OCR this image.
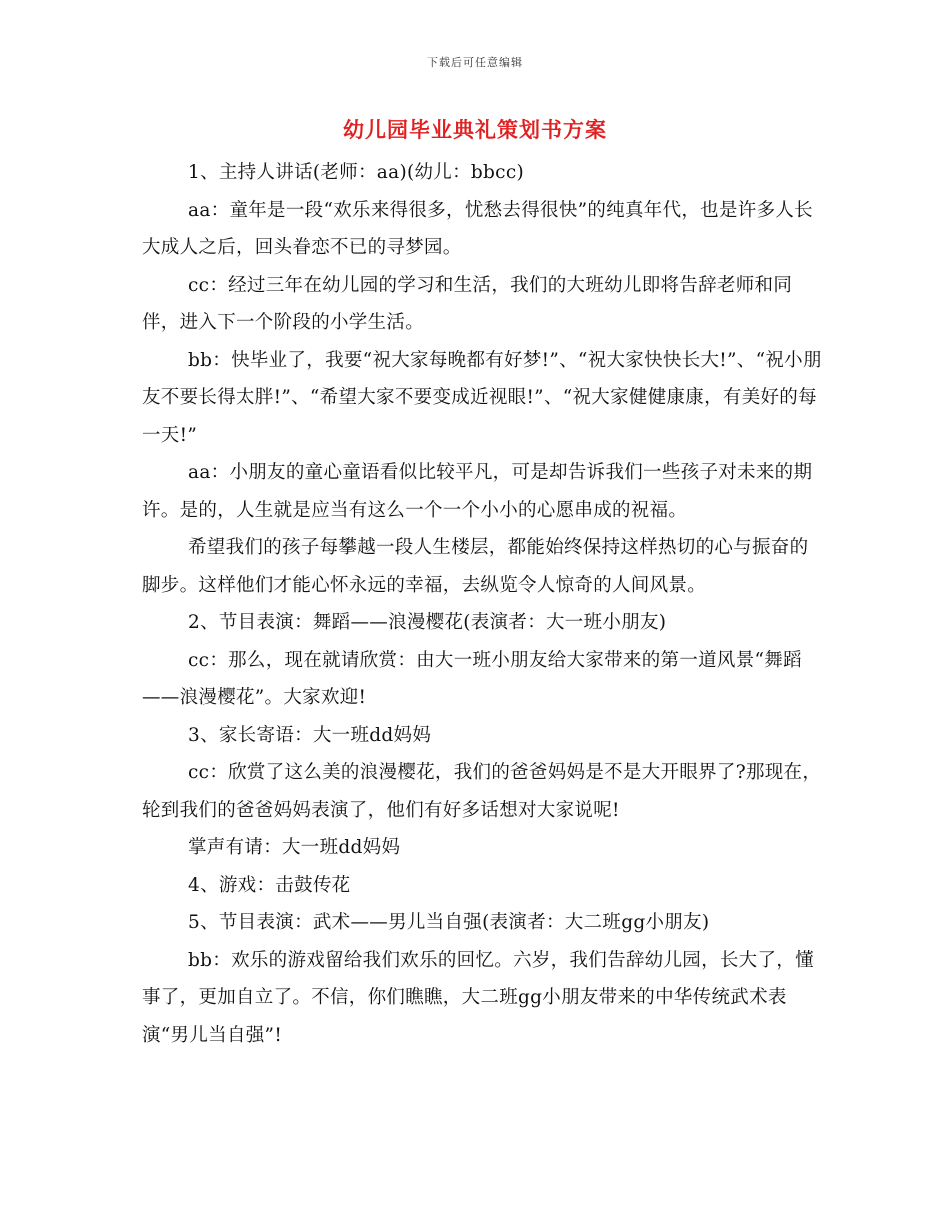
下载后可任意编辑
幼儿园毕业典礼策划书方案

1、主持人讲话(老师：aa)(幼儿：bbcc)

aa：童年是一段“欢乐来得很多，忧愁去得很快”的纯真年代，也是许多人长大成人之后，回头眷恋不已的寻梦园。

cc：经过三年在幼儿园的学习和生活，我们的大班幼儿即将告辞老师和同伴，进入下一个阶段的小学生活。

bb：快毕业了，我要“祝大家每晚都有好梦!”、“祝大家快快长大!”、“祝小朋友不要长得太胖!”、“希望大家不要变成近视眼!”、“祝大家健健康康，有美好的每一天!”

aa：小朋友的童心童语看似比较平凡，可是却告诉我们一些孩子对未来的期许。是的，人生就是应当有这么一个一个小小的心愿串成的祝福。

希望我们的孩子每攀越一段人生楼层，都能始终保持这样热切的心与振奋的脚步。这样他们才能心怀永远的幸福，去纵览令人惊奇的人间风景。

2、节目表演：舞蹈——浪漫樱花(表演者：大一班小朋友)

cc：那么，现在就请欣赏：由大一班小朋友给大家带来的第一道风景“舞蹈——浪漫樱花”。大家欢迎!

3、家长寄语：大一班dd妈妈

cc：欣赏了这么美的浪漫樱花，我们的爸爸妈妈是不是大开眼界了?那现在，轮到我们的爸爸妈妈表演了，他们有好多话想对大家说呢!

掌声有请：大一班dd妈妈

4、游戏：击鼓传花

5、节目表演：武术——男儿当自强(表演者：大二班gg小朋友)

bb：欢乐的游戏留给我们欢乐的回忆。六岁，我们告辞幼儿园，长大了，懂事了，更加自立了。不信，你们瞧瞧，大二班gg小朋友带来的中华传统武术表演“男儿当自强”!
